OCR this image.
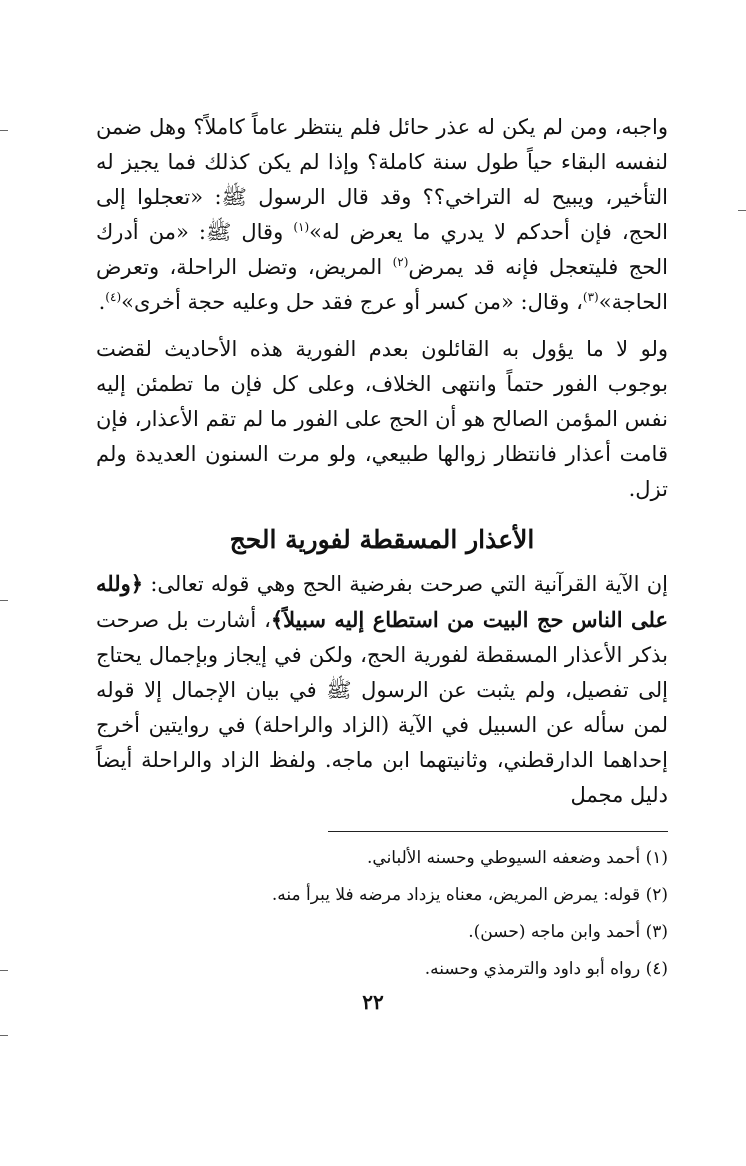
واجبه، ومن لم يكن له عذر حائل فلم ينتظر عاماً كاملاً؟ وهل ضمن لنفسه البقاء حياً طول سنة كاملة؟ وإذا لم يكن كذلك فما يجيز له التأخير، ويبيح له التراخي؟؟ وقد قال الرسول ﷺ: «تعجلوا إلى الحج، فإن أحدكم لا يدري ما يعرض له»$^{(١)}$ وقال ﷺ: «من أدرك الحج فليتعجل فإنه قد يمرض$^{(٢)}$ المريض، وتضل الراحلة، وتعرض الحاجة»$^{(٣)}$، وقال: «من كسر أو عرج فقد حل وعليه حجة أخرى»$^{(٤)}$.

ولو لا ما يؤول به القائلون بعدم الفورية هذه الأحاديث لقضت بوجوب الفور حتماً وانتهى الخلاف، وعلى كل فإن ما تطمئن إليه نفس المؤمن الصالح هو أن الحج على الفور ما لم تقم الأعذار، فإن قامت أعذار فانتظار زوالها طبيعي، ولو مرت السنون العديدة ولم تزل.

الأعذار المسقطة لفورية الحج

إن الآية القرآنية التي صرحت بفرضية الحج وهي قوله تعالى: ﴿ولله على الناس حج البيت من استطاع إليه سبيلاً﴾، أشارت بل صرحت بذكر الأعذار المسقطة لفورية الحج، ولكن في إيجاز وبإجمال يحتاج إلى تفصيل، ولم يثبت عن الرسول ﷺ في بيان الإجمال إلا قوله لمن سأله عن السبيل في الآية (الزاد والراحلة) في روايتين أخرج إحداهما الدارقطني، وثانيتهما ابن ماجه. ولفظ الزاد والراحلة أيضاً دليل مجمل

(١) أحمد وضعفه السيوطي وحسنه الألباني.
(٢) قوله: يمرض المريض، معناه يزداد مرضه فلا يبرأ منه.
(٣) أحمد وابن ماجه (حسن).
(٤) رواه أبو داود والترمذي وحسنه.
٢٢
